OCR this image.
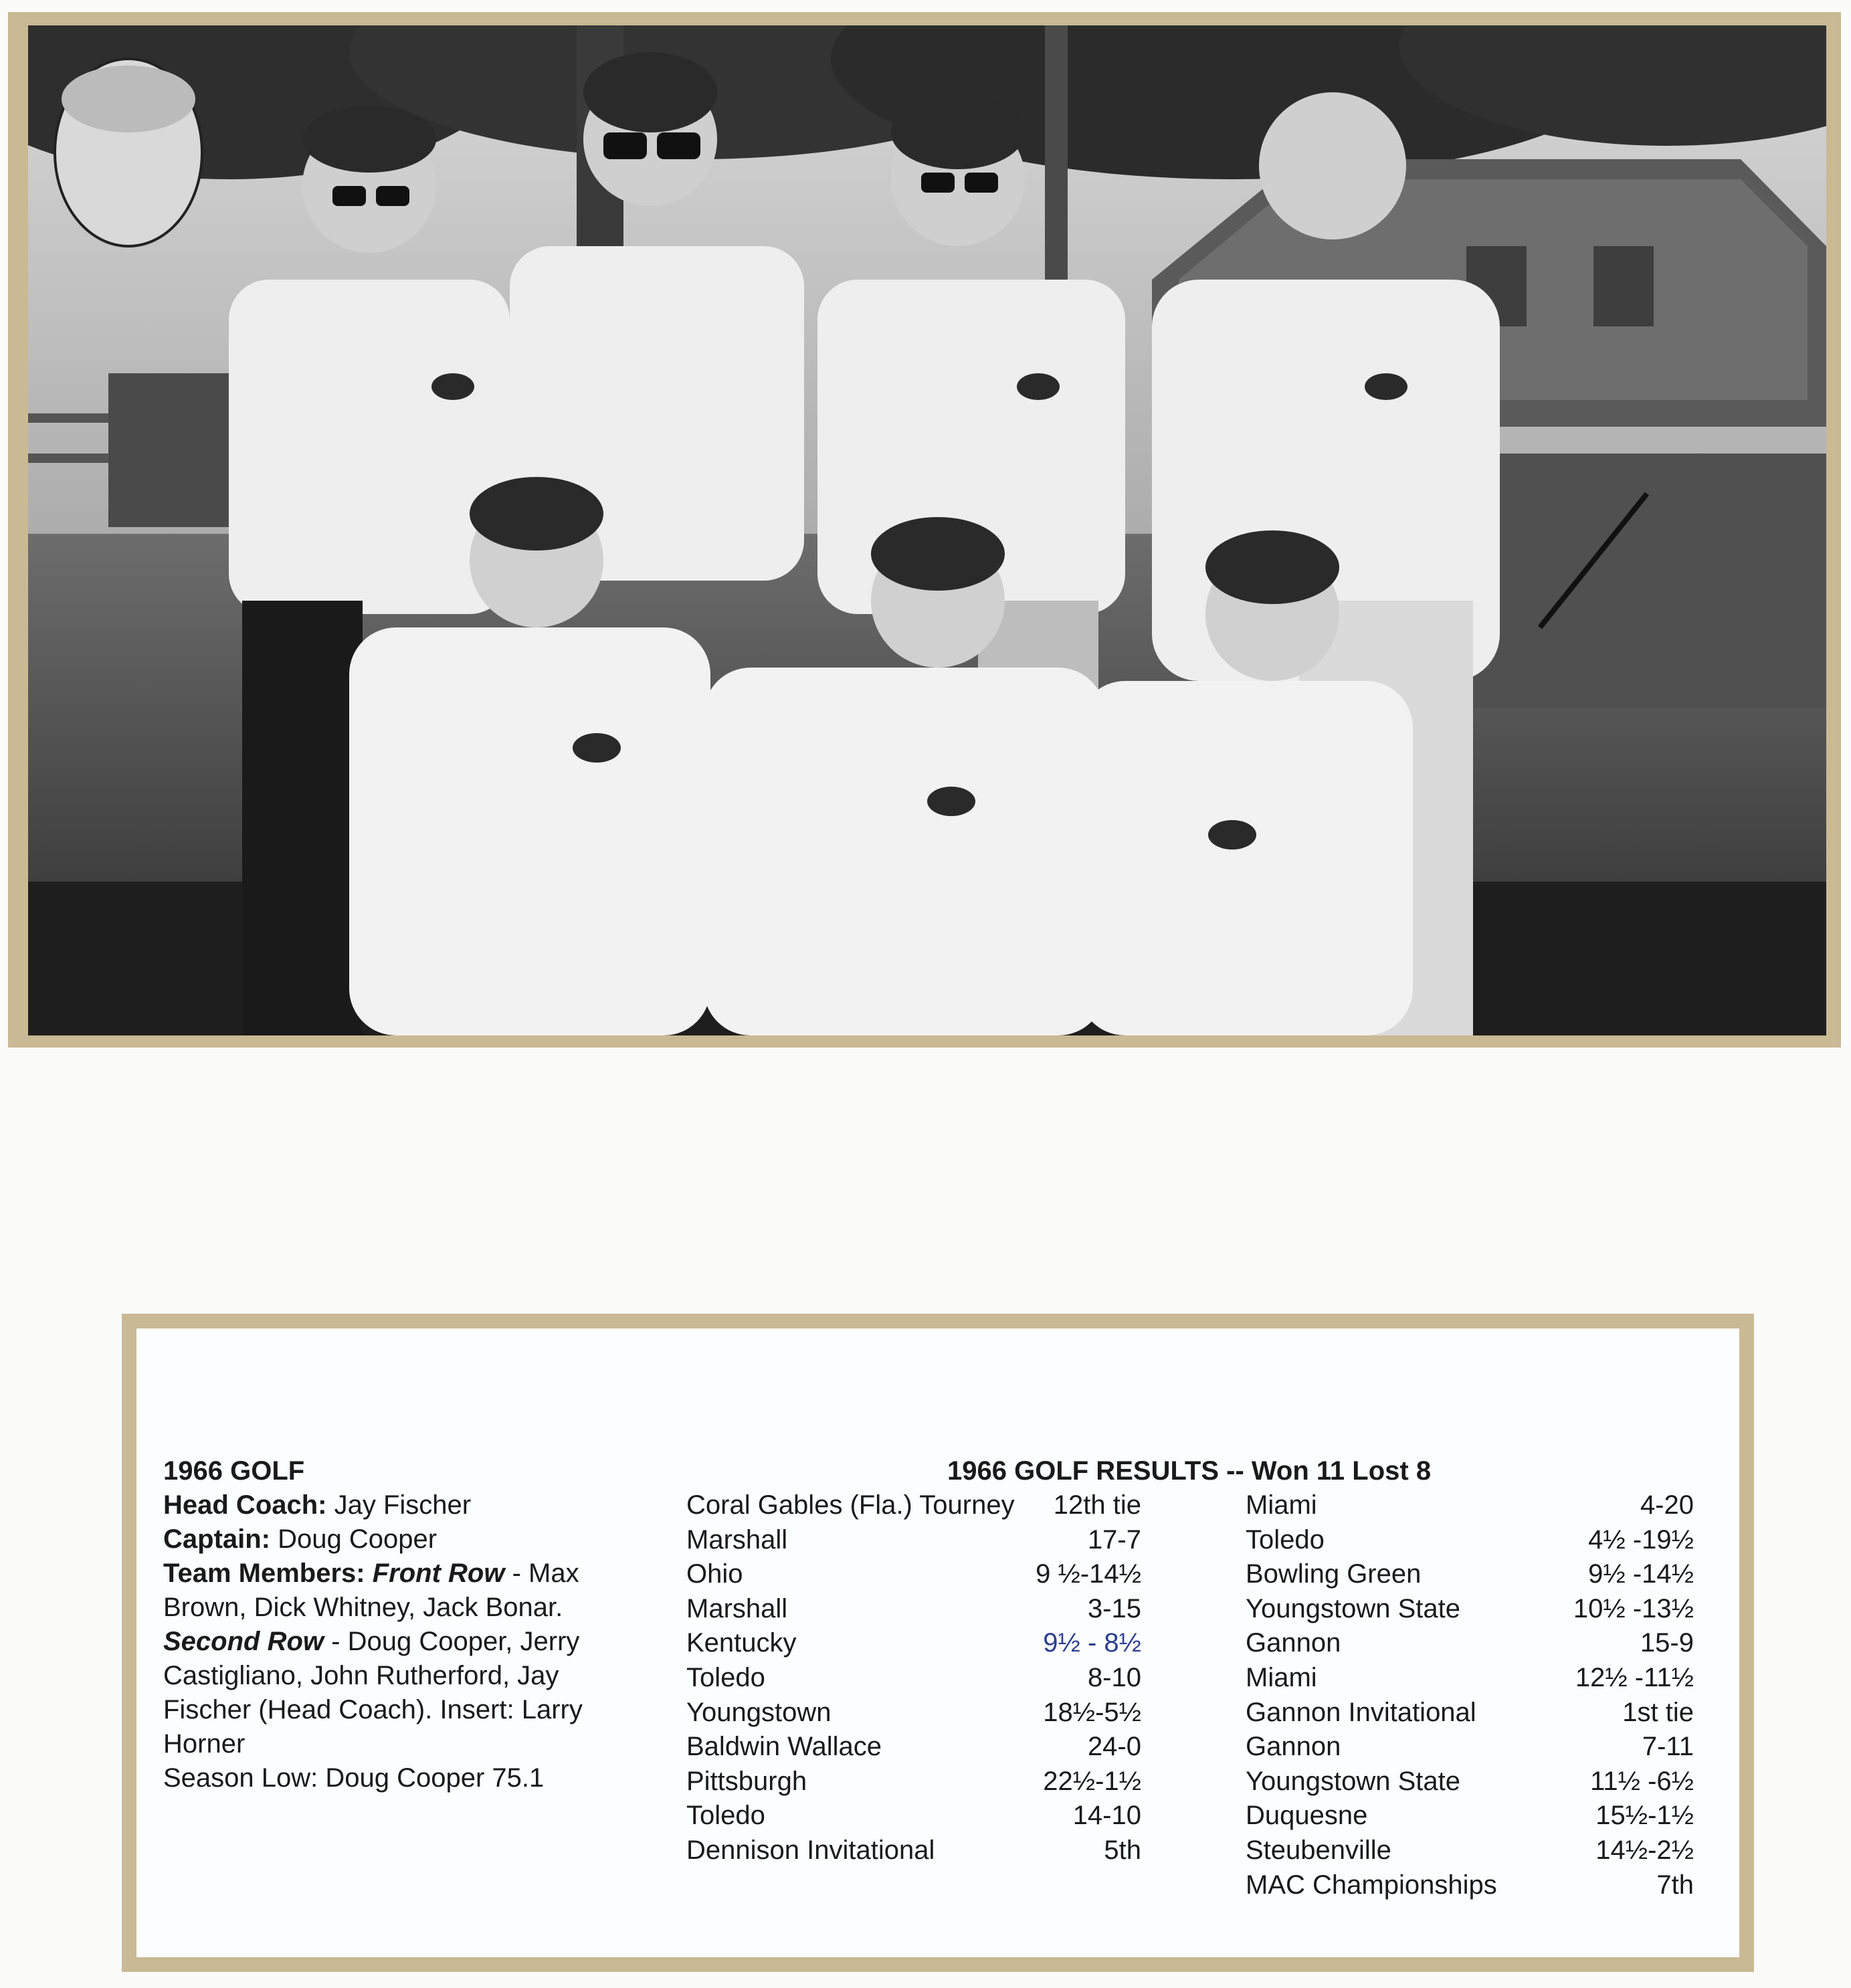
1966 GOLF
Head Coach: Jay Fischer
Captain: Doug Cooper
Team Members: Front Row - Max Brown, Dick Whitney, Jack Bonar. Second Row - Doug Cooper, Jerry Castigliano, John Rutherford, Jay Fischer (Head Coach). Insert: Larry Horner
Season Low: Doug Cooper 75.1
1966 GOLF RESULTS -- Won 11 Lost 8
Coral Gables (Fla.) Tourney 12th tie
Marshall	17-7
Ohio	9 ½-14½
Marshall	3-15
Kentucky	9½ - 8½
Toledo	8-10
Youngstown	18½-5½
Baldwin Wallace	24-0
Pittsburgh	22½-1½
Toledo	14-10
Dennison Invitational	5th
Miami	4-20
Toledo	4½ -19½
Bowling Green	9½ -14½
Youngstown State	10½ -13½
Gannon	15-9
Miami	12½ -11½
Gannon Invitational	1st tie
Gannon	7-11
Youngstown State	11½ -6½
Duquesne	15½-1½
Steubenville	14½-2½
MAC Championships	7th
